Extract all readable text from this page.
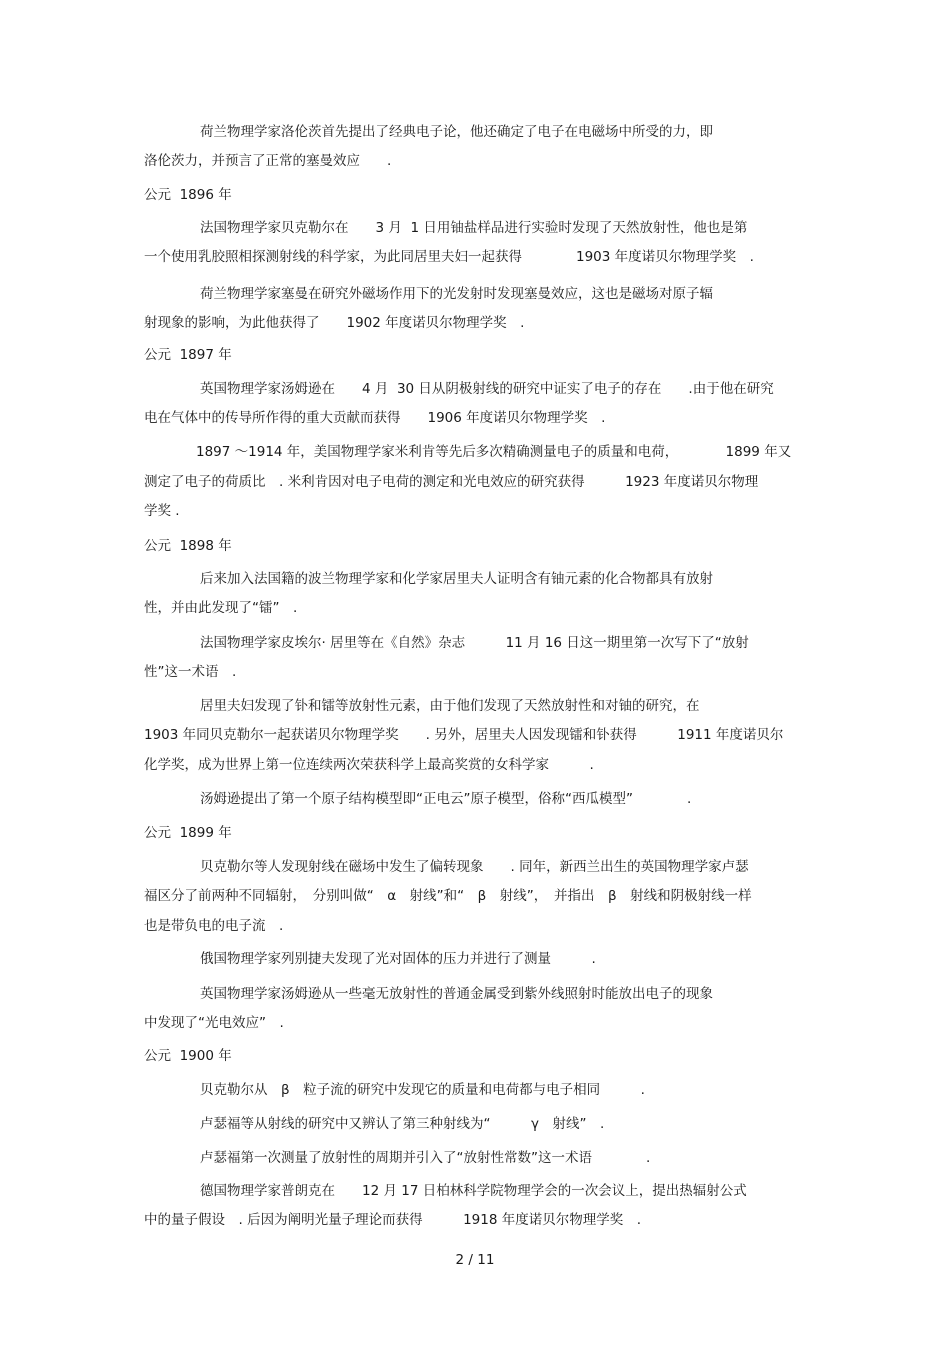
荷兰物理学家洛伦茨首先提出了经典电子论，他还确定了电子在电磁场中所受的力，即
洛伦茨力，并预言了正常的塞曼效应　　.
公元  1896 年
法国物理学家贝克勒尔在　　3 月  1 日用铀盐样品进行实验时发现了天然放射性，他也是第
一个使用乳胶照相探测射线的科学家，为此同居里夫妇一起获得　　　　1903 年度诺贝尔物理学奖　.
荷兰物理学家塞曼在研究外磁场作用下的光发射时发现塞曼效应，这也是磁场对原子辐
射现象的影响，为此他获得了　　1902 年度诺贝尔物理学奖　.
公元  1897 年
英国物理学家汤姆逊在　　4 月  30 日从阴极射线的研究中证实了电子的存在　　.由于他在研究
电在气体中的传导所作得的重大贡献而获得　　1906 年度诺贝尔物理学奖　.
1897 ～1914 年，美国物理学家米利肯等先后多次精确测量电子的质量和电荷，　　　　1899 年又
测定了电子的荷质比　. 米利肯因对电子电荷的测定和光电效应的研究获得　　　1923 年度诺贝尔物理
学奖 .
公元  1898 年
后来加入法国籍的波兰物理学家和化学家居里夫人证明含有铀元素的化合物都具有放射
性，并由此发现了“镭”　.
法国物理学家皮埃尔· 居里等在《自然》杂志　　　11 月 16 日这一期里第一次写下了“放射
性”这一术语　.
居里夫妇发现了钋和镭等放射性元素，由于他们发现了天然放射性和对铀的研究，在
1903 年同贝克勒尔一起获诺贝尔物理学奖　　. 另外，居里夫人因发现镭和钋获得　　　1911 年度诺贝尔
化学奖，成为世界上第一位连续两次荣获科学上最高奖赏的女科学家　　　.
汤姆逊提出了第一个原子结构模型即“正电云”原子模型，俗称“西瓜模型”　　　　.
公元  1899 年
贝克勒尔等人发现射线在磁场中发生了偏转现象　　. 同年，新西兰出生的英国物理学家卢瑟
福区分了前两种不同辐射，　分别叫做“　α　射线”和“　β　射线”，　并指出　β　射线和阴极射线一样
也是带负电的电子流　.
俄国物理学家列别捷夫发现了光对固体的压力并进行了测量　　　.
英国物理学家汤姆逊从一些毫无放射性的普通金属受到紫外线照射时能放出电子的现象
中发现了“光电效应”　.
公元  1900 年
贝克勒尔从　β　粒子流的研究中发现它的质量和电荷都与电子相同　　　.
卢瑟福等从射线的研究中又辨认了第三种射线为“　　　γ　射线”　.
卢瑟福第一次测量了放射性的周期并引入了“放射性常数”这一术语　　　　.
德国物理学家普朗克在　　12 月 17 日柏林科学院物理学会的一次会议上，提出热辐射公式
中的量子假设　. 后因为阐明光量子理论而获得　　　1918 年度诺贝尔物理学奖　.
2 / 11
